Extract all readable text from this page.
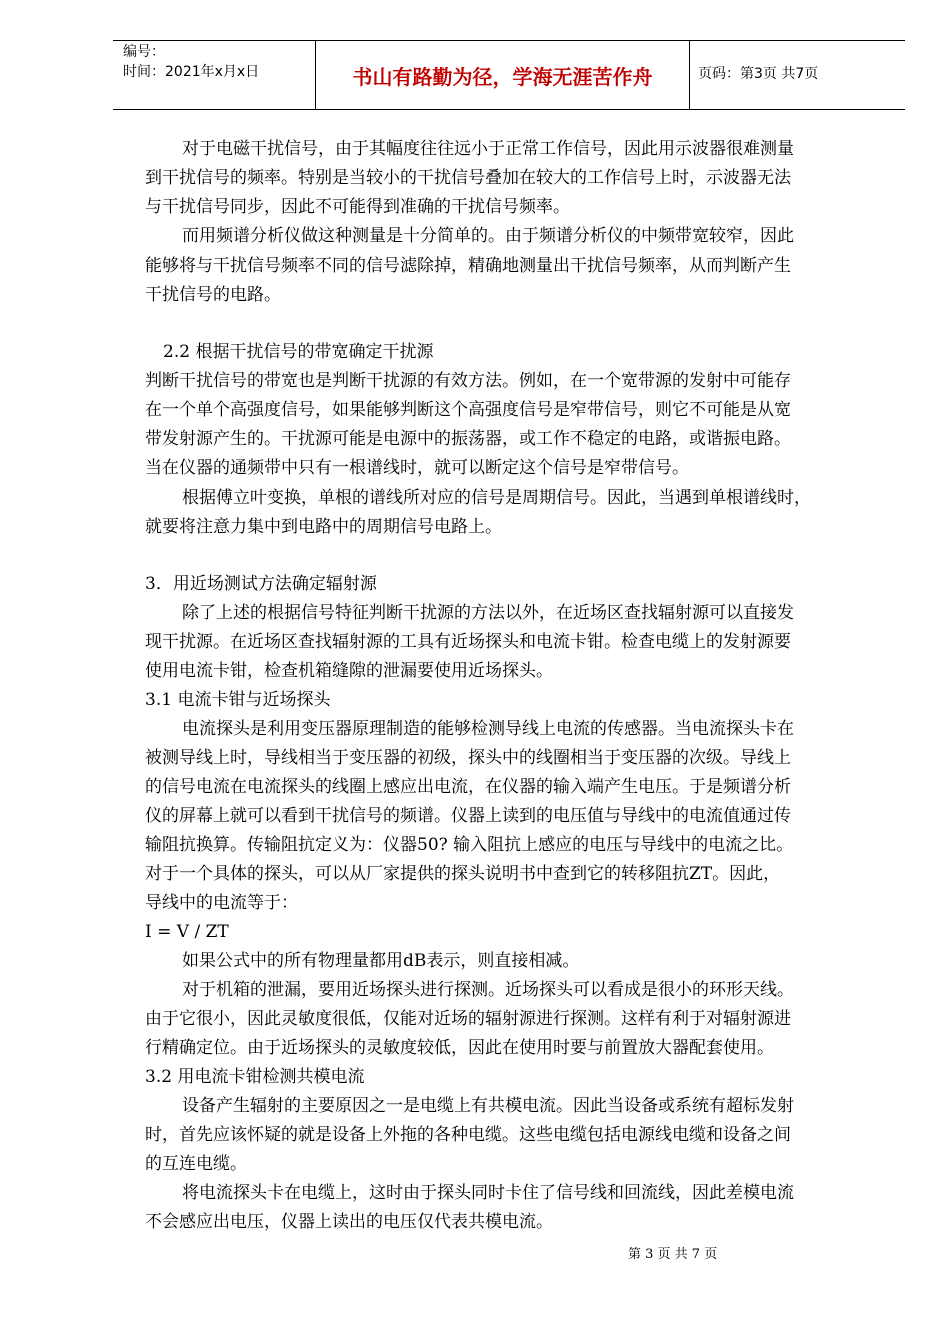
编号：
时间：2021年x月x日	书山有路勤为径，学海无涯苦作舟	页码：第3页 共7页
对于电磁干扰信号，由于其幅度往往远小于正常工作信号，因此用示波器很难测量
到干扰信号的频率。特别是当较小的干扰信号叠加在较大的工作信号上时，示波器无法
与干扰信号同步，因此不可能得到准确的干扰信号频率。
而用频谱分析仪做这种测量是十分简单的。由于频谱分析仪的中频带宽较窄，因此
能够将与干扰信号频率不同的信号滤除掉，精确地测量出干扰信号频率，从而判断产生
干扰信号的电路。
2.2 根据干扰信号的带宽确定干扰源
判断干扰信号的带宽也是判断干扰源的有效方法。例如，在一个宽带源的发射中可能存
在一个单个高强度信号，如果能够判断这个高强度信号是窄带信号，则它不可能是从宽
带发射源产生的。干扰源可能是电源中的振荡器，或工作不稳定的电路，或谐振电路。
当在仪器的通频带中只有一根谱线时，就可以断定这个信号是窄带信号。
根据傅立叶变换，单根的谱线所对应的信号是周期信号。因此，当遇到单根谱线时，
就要将注意力集中到电路中的周期信号电路上。
3．用近场测试方法确定辐射源
除了上述的根据信号特征判断干扰源的方法以外，在近场区查找辐射源可以直接发
现干扰源。在近场区查找辐射源的工具有近场探头和电流卡钳。检查电缆上的发射源要
使用电流卡钳，检查机箱缝隙的泄漏要使用近场探头。
3.1 电流卡钳与近场探头
电流探头是利用变压器原理制造的能够检测导线上电流的传感器。当电流探头卡在
被测导线上时，导线相当于变压器的初级，探头中的线圈相当于变压器的次级。导线上
的信号电流在电流探头的线圈上感应出电流，在仪器的输入端产生电压。于是频谱分析
仪的屏幕上就可以看到干扰信号的频谱。仪器上读到的电压值与导线中的电流值通过传
输阻抗换算。传输阻抗定义为：仪器50? 输入阻抗上感应的电压与导线中的电流之比。
对于一个具体的探头，可以从厂家提供的探头说明书中查到它的转移阻抗ZT。因此，
导线中的电流等于：
I = V / ZT
如果公式中的所有物理量都用dB表示，则直接相减。
对于机箱的泄漏，要用近场探头进行探测。近场探头可以看成是很小的环形天线。
由于它很小，因此灵敏度很低，仅能对近场的辐射源进行探测。这样有利于对辐射源进
行精确定位。由于近场探头的灵敏度较低，因此在使用时要与前置放大器配套使用。
3.2 用电流卡钳检测共模电流
设备产生辐射的主要原因之一是电缆上有共模电流。因此当设备或系统有超标发射
时，首先应该怀疑的就是设备上外拖的各种电缆。这些电缆包括电源线电缆和设备之间
的互连电缆。
将电流探头卡在电缆上，这时由于探头同时卡住了信号线和回流线，因此差模电流
不会感应出电压，仪器上读出的电压仅代表共模电流。
第 3 页 共 7 页
